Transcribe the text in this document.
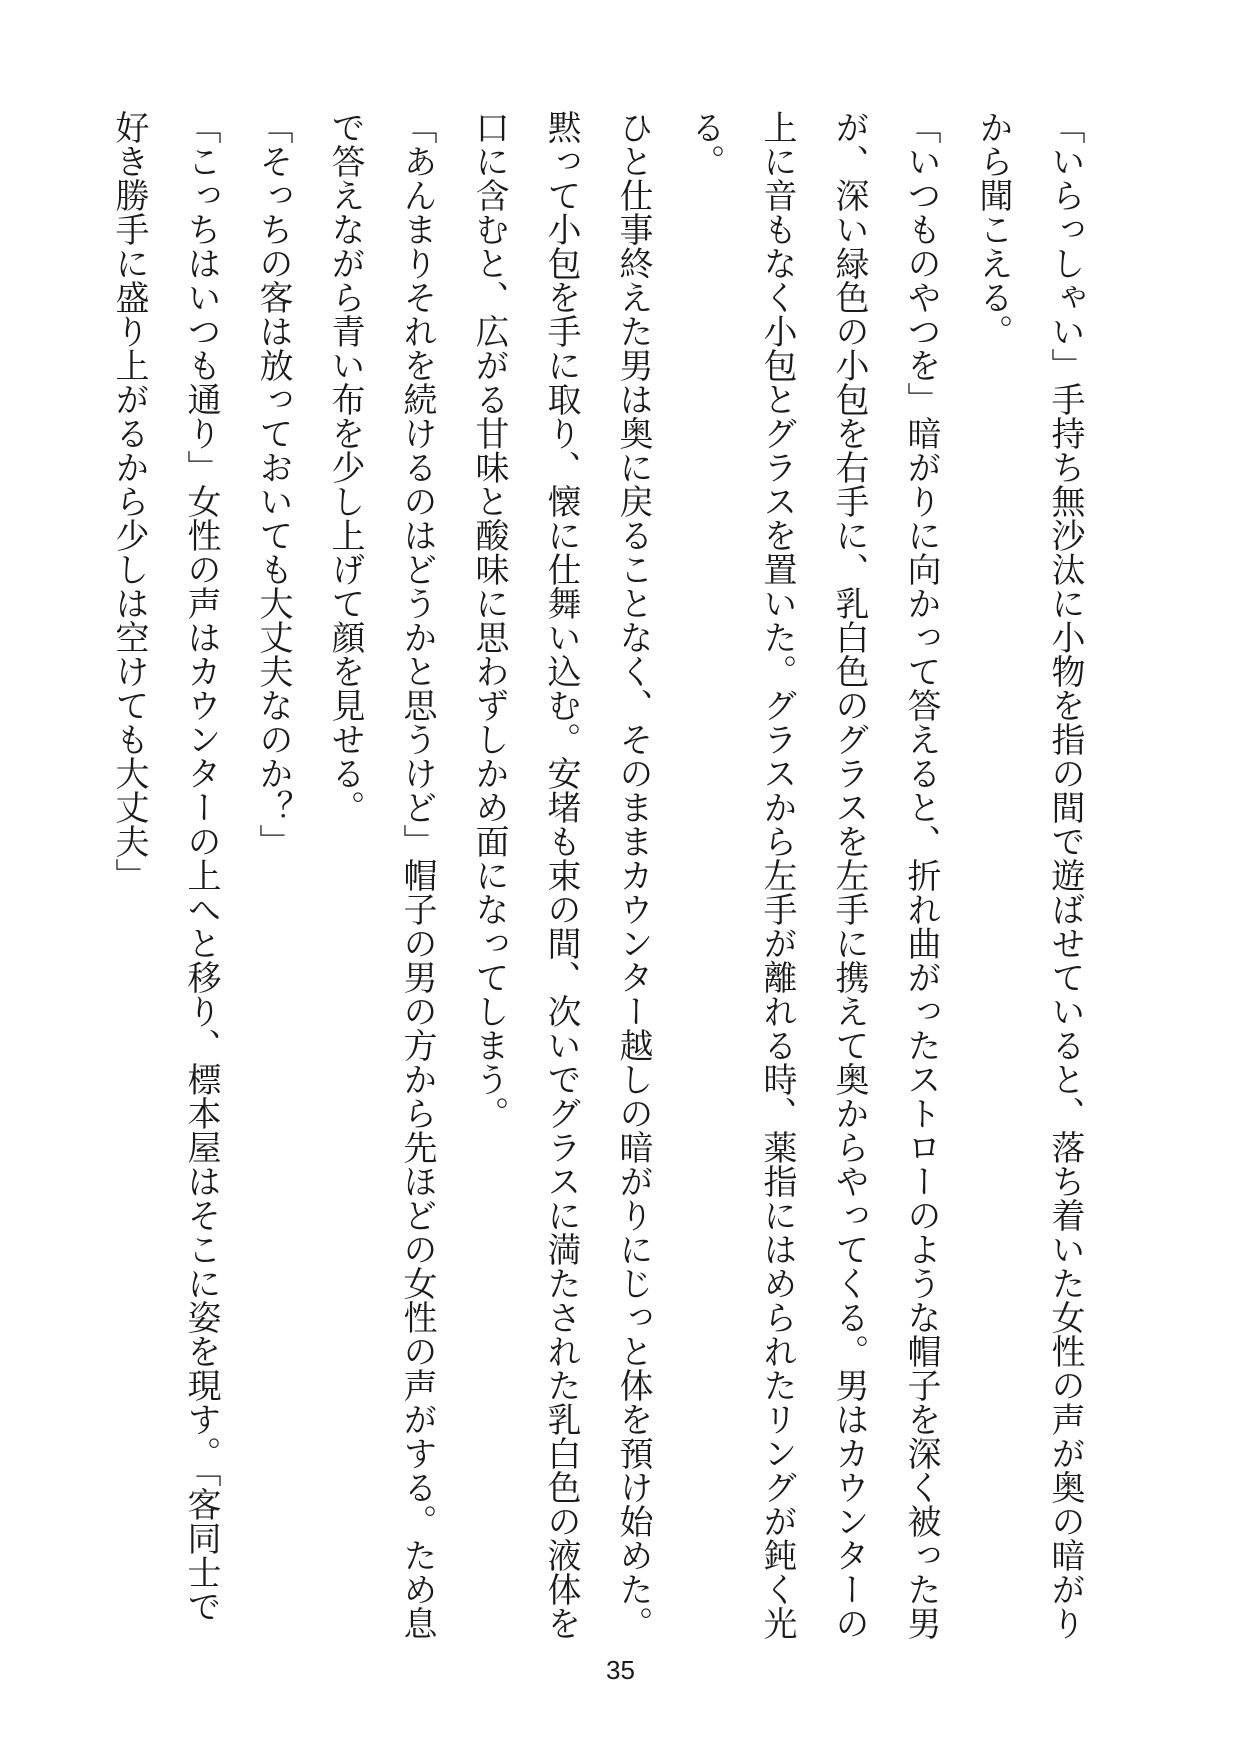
「いらっしゃい」手持ち無沙汰に小物を指の間で遊ばせていると、落ち着いた女性の声が奥の暗がりから聞こえる。

「いつものやつを」暗がりに向かって答えると、折れ曲がったストローのような帽子を深く被った男が、深い緑色の小包を右手に、乳白色のグラスを左手に携えて奥からやってくる。男はカウンターの上に音もなく小包とグラスを置いた。グラスから左手が離れる時、薬指にはめられたリングが鈍く光る。

ひと仕事終えた男は奥に戻ることなく、そのままカウンター越しの暗がりにじっと体を預け始めた。黙って小包を手に取り、懐に仕舞い込む。安堵も束の間、次いでグラスに満たされた乳白色の液体を口に含むと、広がる甘味と酸味に思わずしかめ面になってしまう。

「あんまりそれを続けるのはどうかと思うけど」帽子の男の方から先ほどの女性の声がする。ため息で答えながら青い布を少し上げて顔を見せる。

「そっちの客は放っておいても大丈夫なのか？」

「こっちはいつも通り」女性の声はカウンターの上へと移り、標本屋はそこに姿を現す。「客同士で好き勝手に盛り上がるから少しは空けても大丈夫」

35
